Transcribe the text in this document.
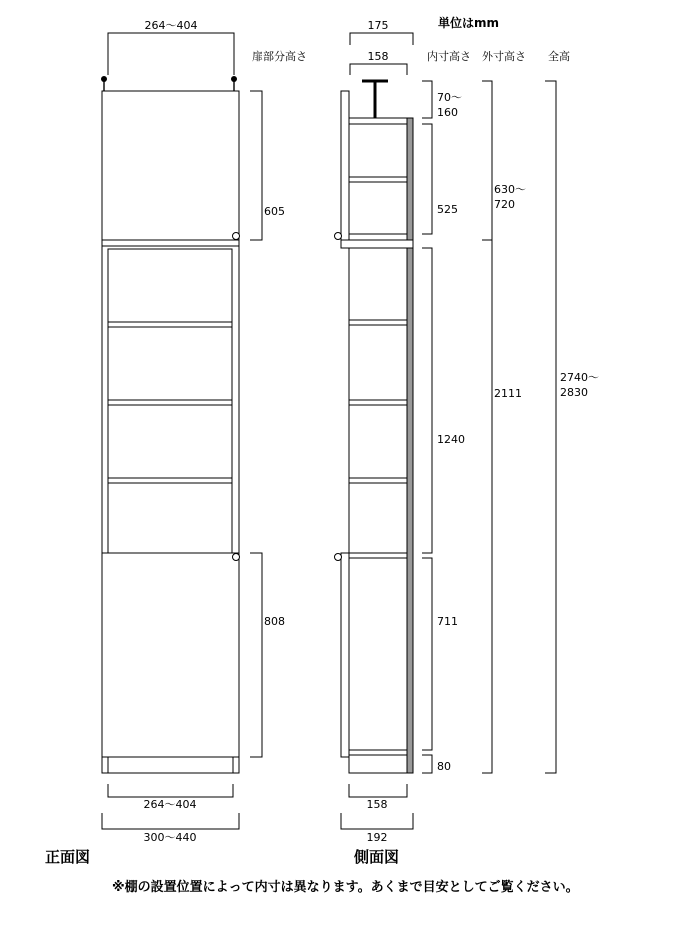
単位はmm
扉部分高さ	内寸高さ 外寸高さ 全高
264〜404
605
808
264〜404
300〜440
正面図
175
158
158
192
側面図
70〜
160
525
1240
711
80
630〜
720
2111
2740〜
2830
※棚の設置位置によって内寸は異なります。あくまで目安としてご覧ください。
